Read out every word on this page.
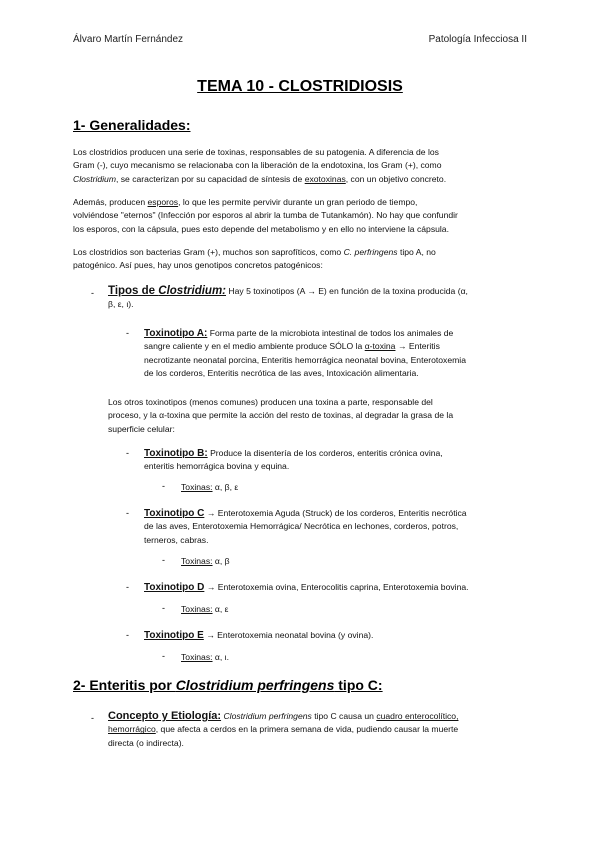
Álvaro Martín Fernández	Patología Infecciosa II
TEMA 10 - CLOSTRIDIOSIS
1- Generalidades:
Los clostridios producen una serie de toxinas, responsables de su patogenia. A diferencia de los
Gram (-), cuyo mecanismo se relacionaba con la liberación de la endotoxina, los Gram (+), como
Clostridium, se caracterizan por su capacidad de síntesis de exotoxinas, con un objetivo concreto.
Además, producen esporos, lo que les permite pervivir durante un gran periodo de tiempo,
volviéndose "eternos" (Infección por esporos al abrir la tumba de Tutankamón). No hay que confundir
los esporos, con la cápsula, pues esto depende del metabolismo y en ello no interviene la cápsula.
Los clostridios son bacterias Gram (+), muchos son saprofíticos, como C. perfringens tipo A, no
patogénico. Así pues, hay unos genotipos concretos patogénicos:
- Tipos de Clostridium: Hay 5 toxinotipos (A → E) en función de la toxina producida (α,
β, ε, ι).
- Toxinotipo A: Forma parte de la microbiota intestinal de todos los animales de
sangre caliente y en el medio ambiente produce SÓLO la α-toxina → Enteritis
necrotizante neonatal porcina, Enteritis hemorrágica neonatal bovina, Enterotoxemia
de los corderos, Enteritis necrótica de las aves, Intoxicación alimentaria.
Los otros toxinotipos (menos comunes) producen una toxina a parte, responsable del
proceso, y la α-toxina que permite la acción del resto de toxinas, al degradar la grasa de la
superficie celular:
- Toxinotipo B: Produce la disentería de los corderos, enteritis crónica ovina,
enteritis hemorrágica bovina y equina.
- Toxinas: α, β, ε
- Toxinotipo C → Enterotoxemia Aguda (Struck) de los corderos, Enteritis necrótica
de las aves, Enterotoxemia Hemorrágica/ Necrótica en lechones, corderos, potros,
terneros, cabras.
- Toxinas: α, β
- Toxinotipo D → Enterotoxemia ovina, Enterocolitis caprina, Enterotoxemia bovina.
- Toxinas: α, ε
- Toxinotipo E → Enterotoxemia neonatal bovina (y ovina).
- Toxinas: α, ι.
2- Enteritis por Clostridium perfringens tipo C:
- Concepto y Etiología: Clostridium perfringens tipo C causa un cuadro enterocolítico,
hemorrágico, que afecta a cerdos en la primera semana de vida, pudiendo causar la muerte
directa (o indirecta).
